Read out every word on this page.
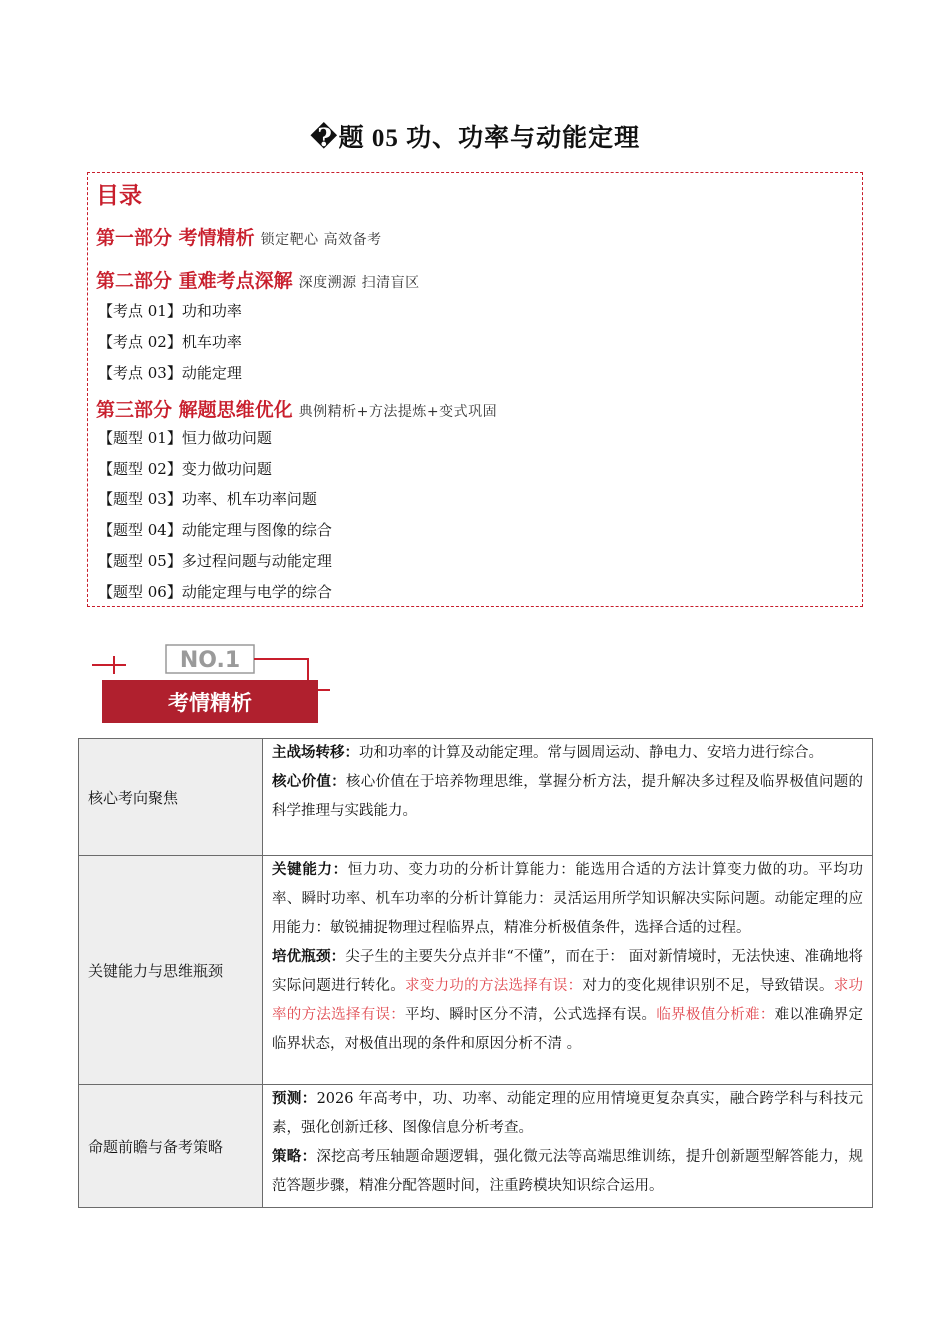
�题 05 功、功率与动能定理
目录
第一部分 考情精析 锁定靶心 高效备考
第二部分 重难考点深解 深度溯源 扫清盲区
【考点 01】功和功率
【考点 02】机车功率
【考点 03】动能定理
第三部分 解题思维优化 典例精析+方法提炼+变式巩固
【题型 01】恒力做功问题
【题型 02】变力做功问题
【题型 03】功率、机车功率问题
【题型 04】动能定理与图像的综合
【题型 05】多过程问题与动能定理
【题型 06】动能定理与电学的综合
NO.1
考情精析
核心考向聚焦	主战场转移：功和功率的计算及动能定理。常与圆周运动、静电力、安培力进行综合。

核心价值：核心价值在于培养物理思维，掌握分析方法，提升解决多过程及临界极值问题的科学推理与实践能力。

关键能力与思维瓶颈	关键能力：恒力功、变力功的分析计算能力：能选用合适的方法计算变力做的功。平均功率、瞬时功率、机车功率的分析计算能力：灵活运用所学知识解决实际问题。动能定理的应用能力：敏锐捕捉物理过程临界点，精准分析极值条件，选择合适的过程。

培优瓶颈：尖子生的主要失分点并非“不懂”，而在于： 面对新情境时，无法快速、准确地将实际问题进行转化。求变力功的方法选择有误：对力的变化规律识别不足，导致错误。求功率的方法选择有误：平均、瞬时区分不清，公式选择有误。临界极值分析难：难以准确界定临界状态，对极值出现的条件和原因分析不清 。

命题前瞻与备考策略	预测：2026 年高考中，功、功率、动能定理的应用情境更复杂真实，融合跨学科与科技元素，强化创新迁移、图像信息分析考查。

策略：深挖高考压轴题命题逻辑，强化微元法等高端思维训练，提升创新题型解答能力，规范答题步骤，精准分配答题时间，注重跨模块知识综合运用。
